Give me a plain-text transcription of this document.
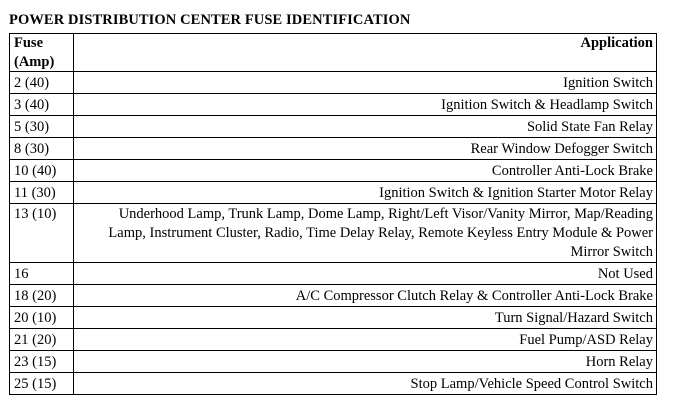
POWER DISTRIBUTION CENTER FUSE IDENTIFICATION
Fuse
(Amp)	Application
2 (40)	Ignition Switch
3 (40)	Ignition Switch & Headlamp Switch
5 (30)	Solid State Fan Relay
8 (30)	Rear Window Defogger Switch
10 (40)	Controller Anti-Lock Brake
11 (30)	Ignition Switch & Ignition Starter Motor Relay
13 (10)	Underhood Lamp, Trunk Lamp, Dome Lamp, Right/Left Visor/Vanity Mirror, Map/Reading Lamp, Instrument Cluster, Radio, Time Delay Relay, Remote Keyless Entry Module & Power Mirror Switch
16	Not Used
18 (20)	A/C Compressor Clutch Relay & Controller Anti-Lock Brake
20 (10)	Turn Signal/Hazard Switch
21 (20)	Fuel Pump/ASD Relay
23 (15)	Horn Relay
25 (15)	Stop Lamp/Vehicle Speed Control Switch
